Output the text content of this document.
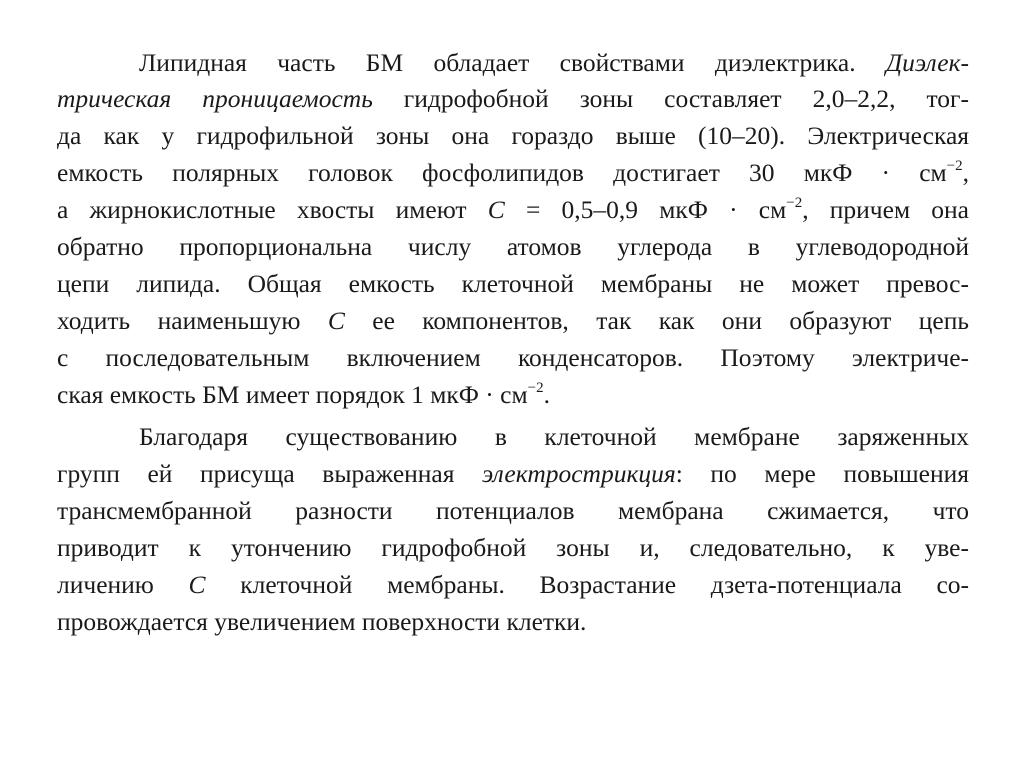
Липидная часть БМ обладает свойствами диэлектрика. Диэлек-
трическая проницаемость гидрофобной зоны составляет 2,0–2,2, тог-
да как у гидрофильной зоны она гораздо выше (10–20). Электрическая
емкость полярных головок фосфолипидов достигает 30 мкФ · $см^{-2}$,
а жирнокислотные хвосты имеют С = 0,5–0,9 мкФ · $см^{-2}$, причем она
обратно пропорциональна числу атомов углерода в углеводородной
цепи липида. Общая емкость клеточной мембраны не может превос-
ходить наименьшую С ее компонентов, так как они образуют цепь
с последовательным включением конденсаторов. Поэтому электриче-
ская емкость БМ имеет порядок 1 мкФ · $см^{-2}$.
Благодаря существованию в клеточной мембране заряженных
групп ей присуща выраженная электрострикция: по мере повышения
трансмембранной разности потенциалов мембрана сжимается, что
приводит к утончению гидрофобной зоны и, следовательно, к уве-
личению С клеточной мембраны. Возрастание дзета-потенциала со-
провождается увеличением поверхности клетки.
